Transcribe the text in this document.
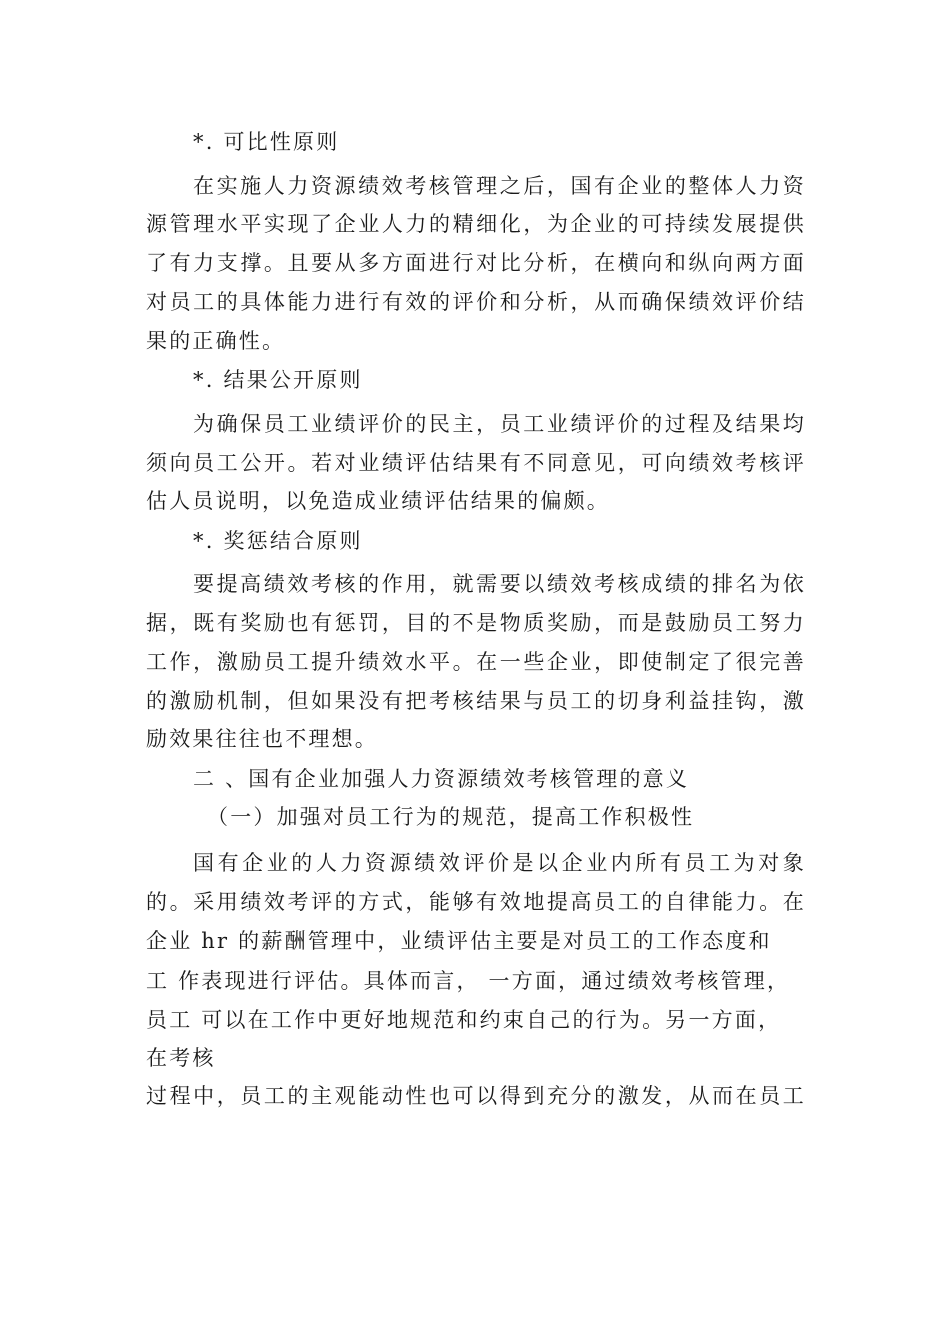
*. 可比性原则
在实施人力资源绩效考核管理之后，国有企业的整体人力资
源管理水平实现了企业人力的精细化，为企业的可持续发展提供
了有力支撑。且要从多方面进行对比分析，在横向和纵向两方面
对员工的具体能力进行有效的评价和分析，从而确保绩效评价结
果的正确性。
*. 结果公开原则
为确保员工业绩评价的民主，员工业绩评价的过程及结果均
须向员工公开。若对业绩评估结果有不同意见，可向绩效考核评
估人员说明，以免造成业绩评估结果的偏颇。
*. 奖惩结合原则
要提高绩效考核的作用，就需要以绩效考核成绩的排名为依
据，既有奖励也有惩罚，目的不是物质奖励，而是鼓励员工努力
工作，激励员工提升绩效水平。在一些企业，即使制定了很完善
的激励机制，但如果没有把考核结果与员工的切身利益挂钩，激
励效果往往也不理想。
二 、国有企业加强人力资源绩效考核管理的意义
（一）加强对员工行为的规范，提高工作积极性
国有企业的人力资源绩效评价是以企业内所有员工为对象
的。采用绩效考评的方式，能够有效地提高员工的自律能力。在
企业 hr 的薪酬管理中，业绩评估主要是对员工的工作态度和
工 作表现进行评估。具体而言， 一方面，通过绩效考核管理，
员工 可以在工作中更好地规范和约束自己的行为。另一方面，
在考核
过程中，员工的主观能动性也可以得到充分的激发，从而在员工
